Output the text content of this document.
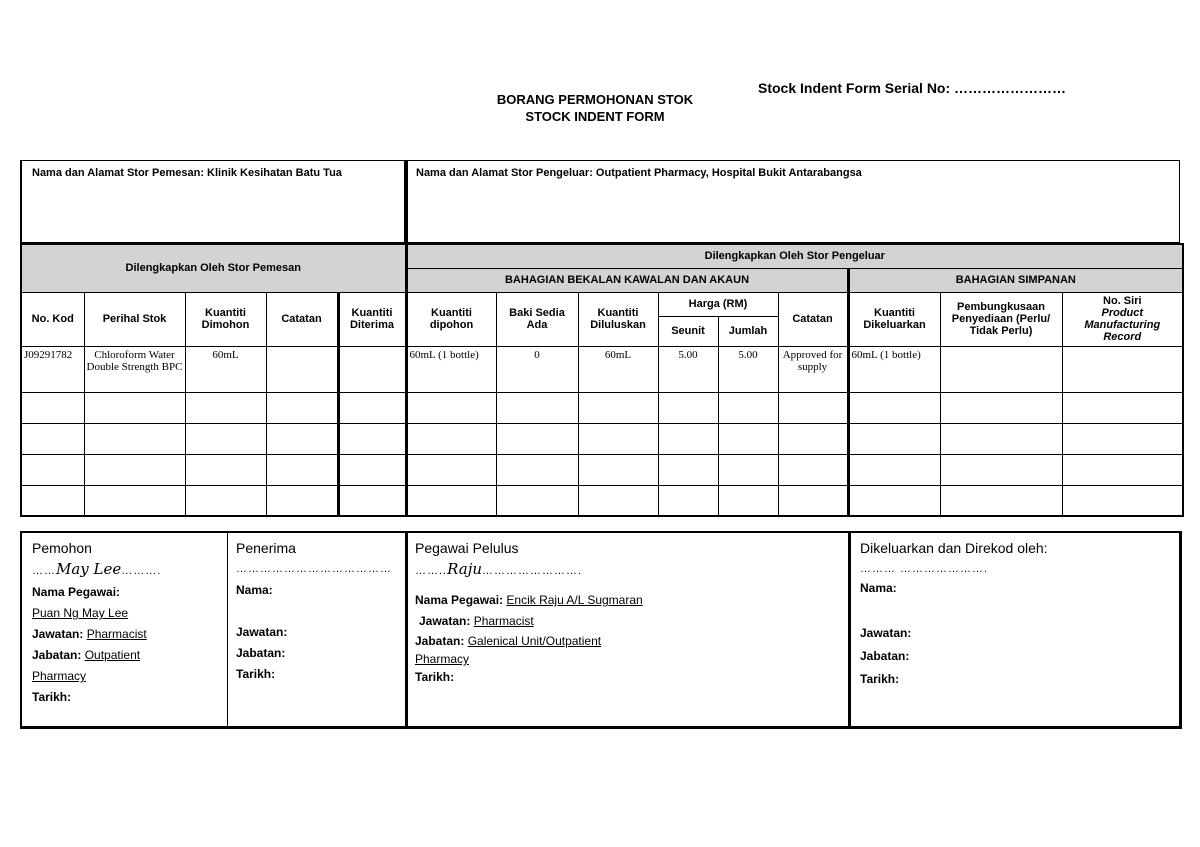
BORANG PERMOHONAN STOK
STOCK INDENT FORM
Stock Indent Form Serial No: ……………………
Nama dan Alamat Stor Pemesan: Klinik Kesihatan Batu Tua	Nama dan Alamat Stor Pengeluar: Outpatient Pharmacy, Hospital Bukit Antarabangsa
Dilengkapkan Oleh Stor Pemesan					Dilengkapkan Oleh Stor Pengeluar								
					BAHAGIAN BEKALAN KAWALAN DAN AKAUN						BAHAGIAN SIMPANAN		
No. Kod	Perihal Stok	Kuantiti Dimohon	Catatan	Kuantiti Diterima	Kuantiti dipohon	Baki Sedia Ada	Kuantiti Diluluskan	Harga (RM)		Catatan	Kuantiti Dikeluarkan	Pembungkusaan Penyediaan (Perlu/ Tidak Perlu)	No. Siri
Product Manufacturing Record

								Seunit	Jumlah				
J09291782	Chloroform Water Double Strength BPC	60mL			60mL (1 bottle)	0	60mL	5.00	5.00	Approved for supply	60mL (1 bottle)		

Pemohon
……May Lee……….
Nama Pegawai:
Puan Ng May Lee
Jawatan: Pharmacist
Jabatan: Outpatient
Pharmacy
Tarikh:
Penerima
…………………………………
Nama:

Jawatan:
Jabatan:
Tarikh:
Pegawai Pelulus
……..Raju…………………….
Nama Pegawai: Encik Raju A/L Sugmaran
Jawatan: Pharmacist
Jabatan: Galenical Unit/Outpatient
Pharmacy
Tarikh:
Dikeluarkan dan Direkod oleh:
……… ………………….
Nama:
Jawatan:
Jabatan:
Tarikh:
